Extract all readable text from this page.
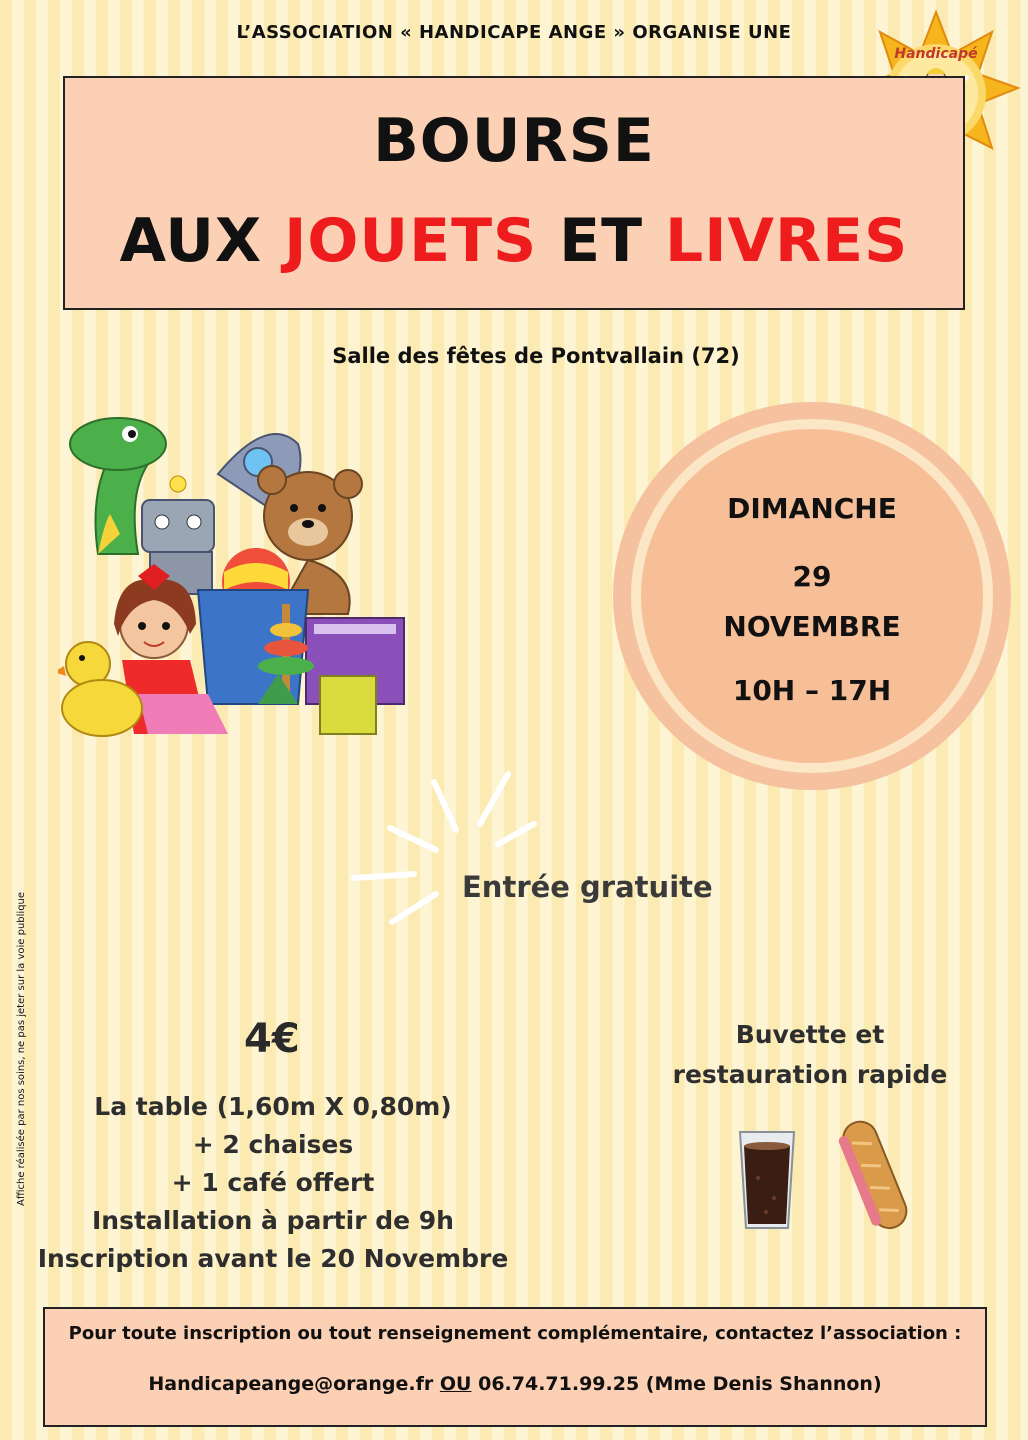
L’ASSOCIATION « HANDICAPE ANGE » ORGANISE UNE
Handicapé
BOURSE
AUX JOUETS ET LIVRES
Salle des fêtes de Pontvallain (72)
DIMANCHE
29
NOVEMBRE
10H – 17H
Entrée gratuite
4€
La table (1,60m X 0,80m)
+ 2 chaises
+ 1 café offert
Installation à partir de 9h
Inscription avant le 20 Novembre
Buvette et
restauration rapide
Pour toute inscription ou tout renseignement complémentaire, contactez l’association :
Handicapeange@orange.fr OU 06.74.71.99.25 (Mme Denis Shannon)
Affiche réalisée par nos soins, ne pas jeter sur la voie publique
